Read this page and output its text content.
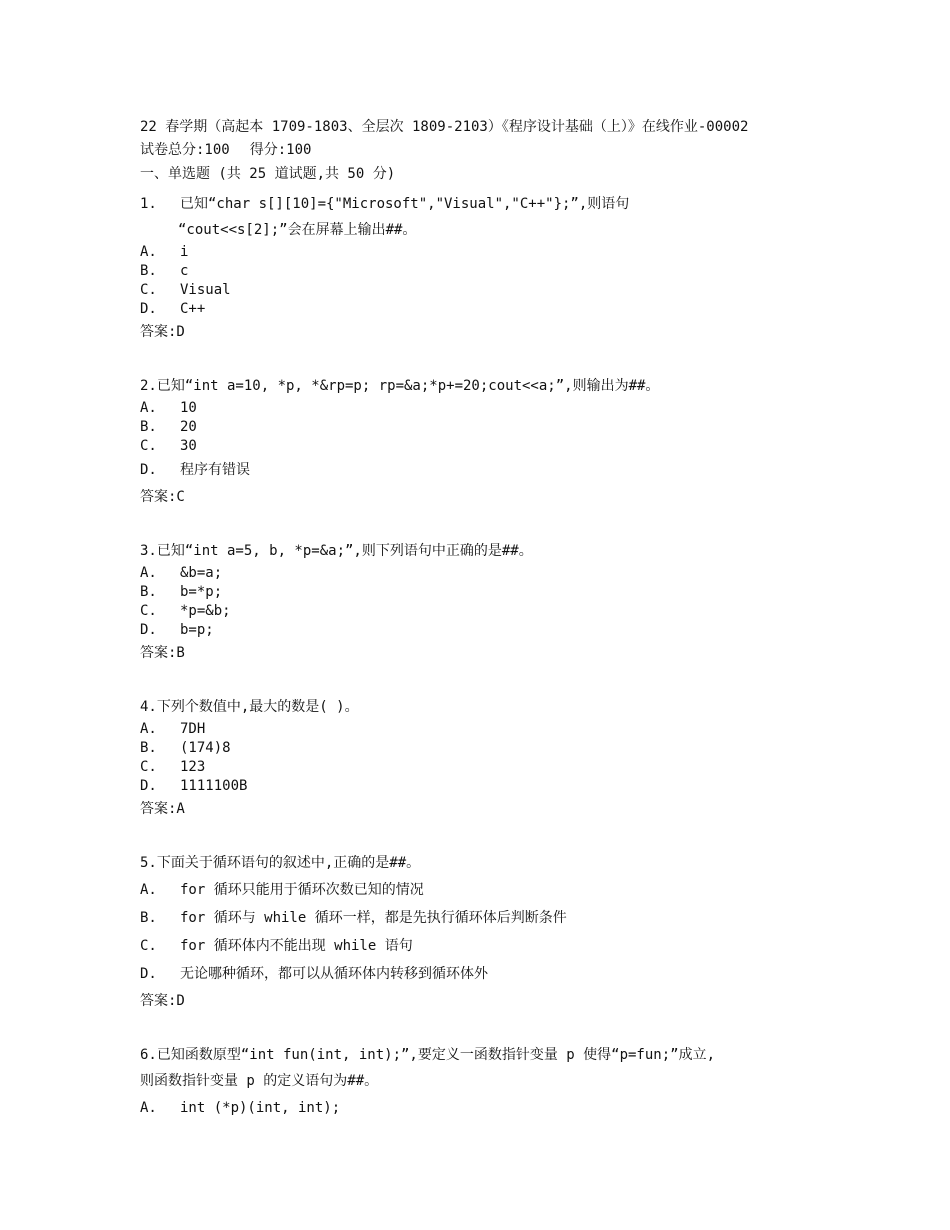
22 春学期（高起本 1709-1803、全层次 1809-2103）《程序设计基础（上）》在线作业-00002
试卷总分:100 得分:100
一、单选题 (共 25 道试题,共 50 分)
1. 已知“char s[][10]={"Microsoft","Visual","C++"};”,则语句
“cout<<s[2];”会在屏幕上输出##。
A. i
B. c
C. Visual
D. C++
答案:D
2.已知“int a=10, *p, *&rp=p; rp=&a;*p+=20;cout<<a;”,则输出为##。
A. 10
B. 20
C. 30
D. 程序有错误
答案:C
3.已知“int a=5, b, *p=&a;”,则下列语句中正确的是##。
A. &b=a;
B. b=*p;
C. *p=&b;
D. b=p;
答案:B
4.下列个数值中,最大的数是( )。
A. 7DH
B. (174)8
C. 123
D. 1111100B
答案:A
5.下面关于循环语句的叙述中,正确的是##。
A. for 循环只能用于循环次数已知的情况
B. for 循环与 while 循环一样，都是先执行循环体后判断条件
C. for 循环体内不能出现 while 语句
D. 无论哪种循环，都可以从循环体内转移到循环体外
答案:D
6.已知函数原型“int fun(int, int);”,要定义一函数指针变量 p 使得“p=fun;”成立,
则函数指针变量 p 的定义语句为##。
A. int (*p)(int, int);
